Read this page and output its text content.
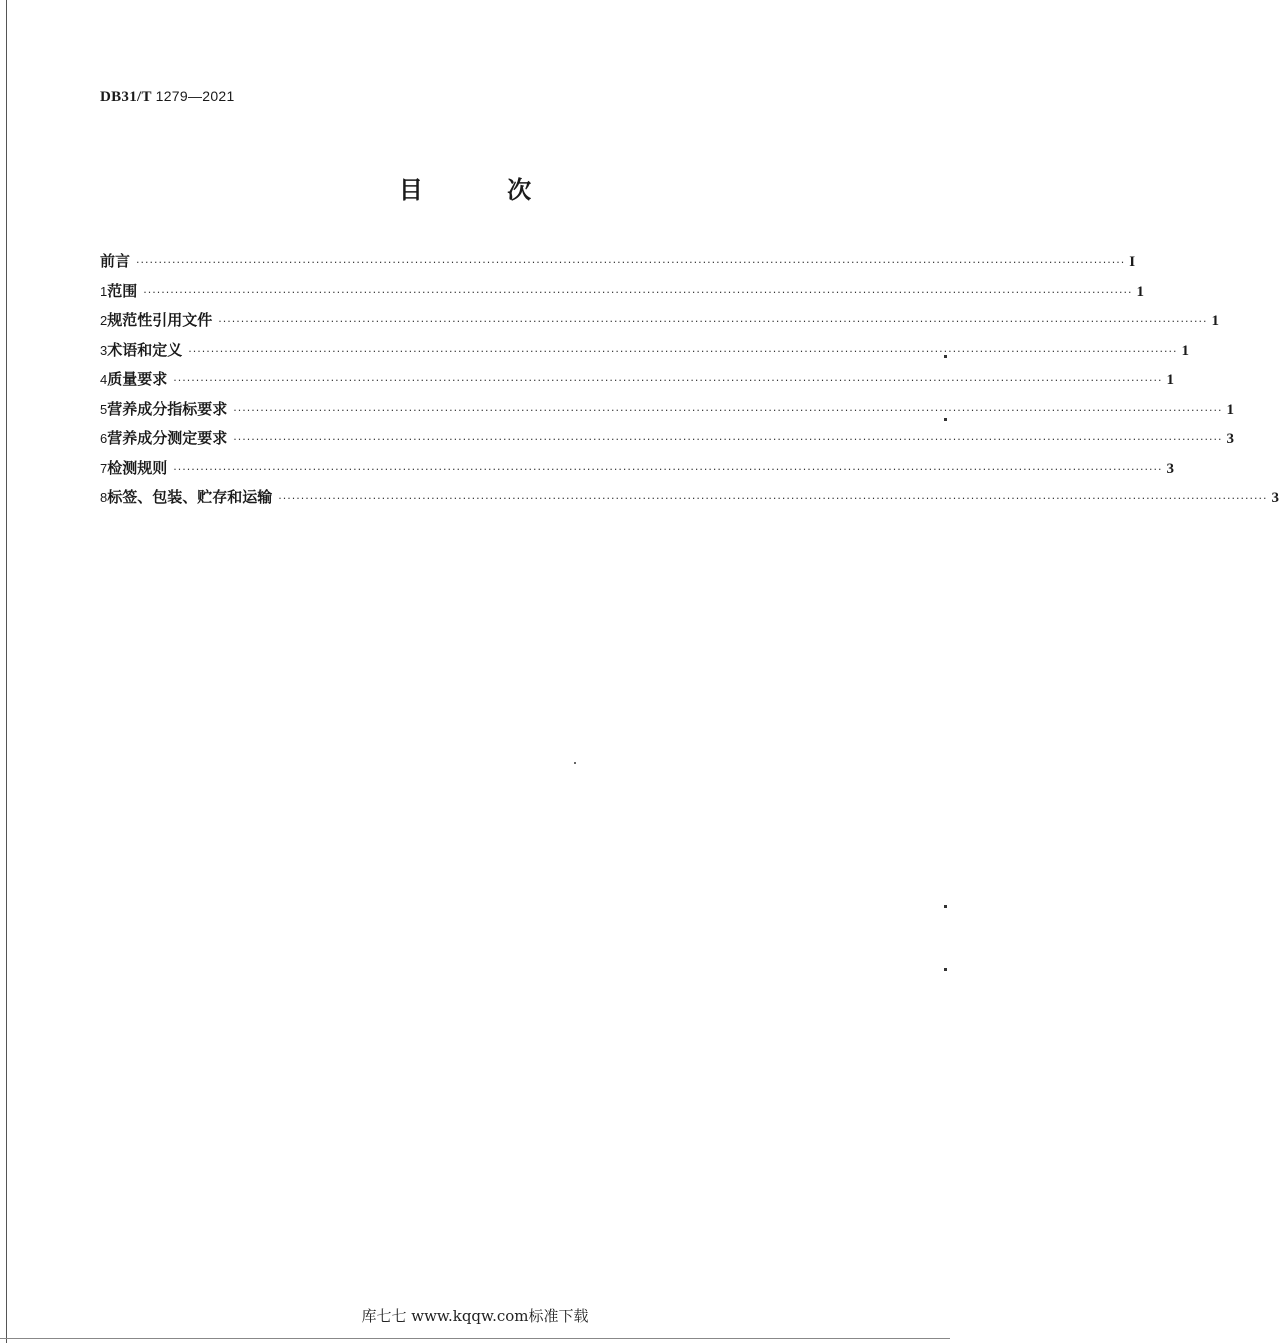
DB31/T 1279—2021
目 次
前言 ···························································································································································································································· I
1 范围 ···························································································································································································································· 1
2 规范性引用文件 ···························································································································································································································· 1
3 术语和定义 ···························································································································································································································· 1
4 质量要求 ···························································································································································································································· 1
5 营养成分指标要求 ···························································································································································································································· 1
6 营养成分测定要求 ···························································································································································································································· 3
7 检测规则 ···························································································································································································································· 3
8 标签、包装、贮存和运输 ···························································································································································································································· 3
库七七 www.kqqw.com标准下载
